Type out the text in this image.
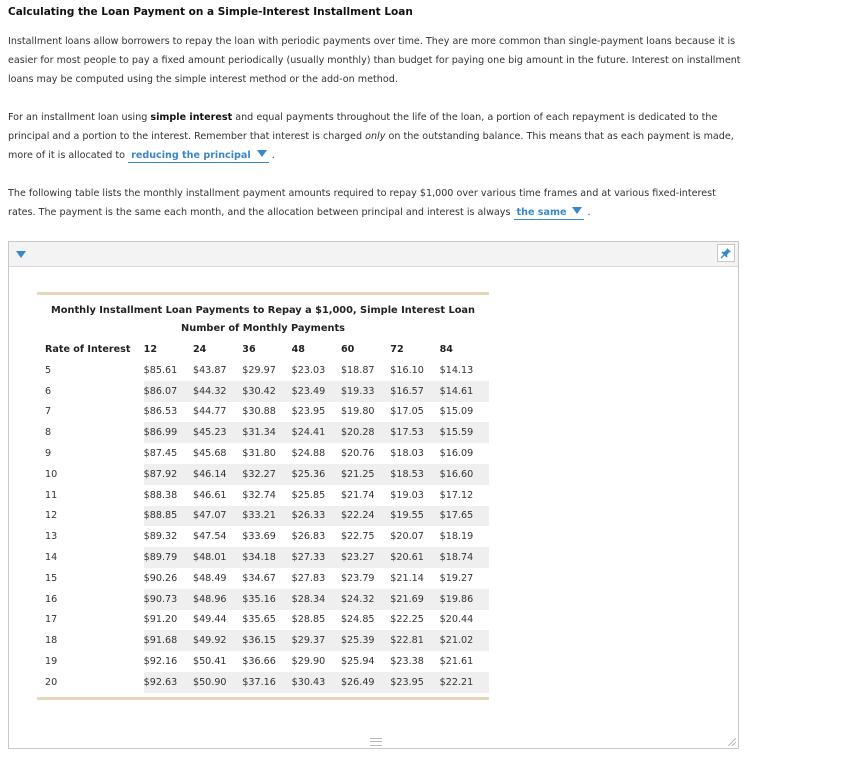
Calculating the Loan Payment on a Simple-Interest Installment Loan
Installment loans allow borrowers to repay the loan with periodic payments over time. They are more common than single-payment loans because it is easier for most people to pay a fixed amount periodically (usually monthly) than budget for paying one big amount in the future. Interest on installment loans may be computed using the simple interest method or the add-on method.
For an installment loan using simple interest and equal payments throughout the life of the loan, a portion of each repayment is dedicated to the principal and a portion to the interest. Remember that interest is charged only on the outstanding balance. This means that as each payment is made, more of it is allocated to reducing the principal .
The following table lists the monthly installment payment amounts required to repay $1,000 over various time frames and at various fixed-interest rates. The payment is the same each month, and the allocation between principal and interest is always the same .
Monthly Installment Loan Payments to Repay a $1,000, Simple Interest Loan
Number of Monthly Payments
Rate of Interest	12	24	36	48	60	72	84
5	$85.61	$43.87	$29.97	$23.03	$18.87	$16.10	$14.13
6	$86.07	$44.32	$30.42	$23.49	$19.33	$16.57	$14.61
7	$86.53	$44.77	$30.88	$23.95	$19.80	$17.05	$15.09
8	$86.99	$45.23	$31.34	$24.41	$20.28	$17.53	$15.59
9	$87.45	$45.68	$31.80	$24.88	$20.76	$18.03	$16.09
10	$87.92	$46.14	$32.27	$25.36	$21.25	$18.53	$16.60
11	$88.38	$46.61	$32.74	$25.85	$21.74	$19.03	$17.12
12	$88.85	$47.07	$33.21	$26.33	$22.24	$19.55	$17.65
13	$89.32	$47.54	$33.69	$26.83	$22.75	$20.07	$18.19
14	$89.79	$48.01	$34.18	$27.33	$23.27	$20.61	$18.74
15	$90.26	$48.49	$34.67	$27.83	$23.79	$21.14	$19.27
16	$90.73	$48.96	$35.16	$28.34	$24.32	$21.69	$19.86
17	$91.20	$49.44	$35.65	$28.85	$24.85	$22.25	$20.44
18	$91.68	$49.92	$36.15	$29.37	$25.39	$22.81	$21.02
19	$92.16	$50.41	$36.66	$29.90	$25.94	$23.38	$21.61
20	$92.63	$50.90	$37.16	$30.43	$26.49	$23.95	$22.21
